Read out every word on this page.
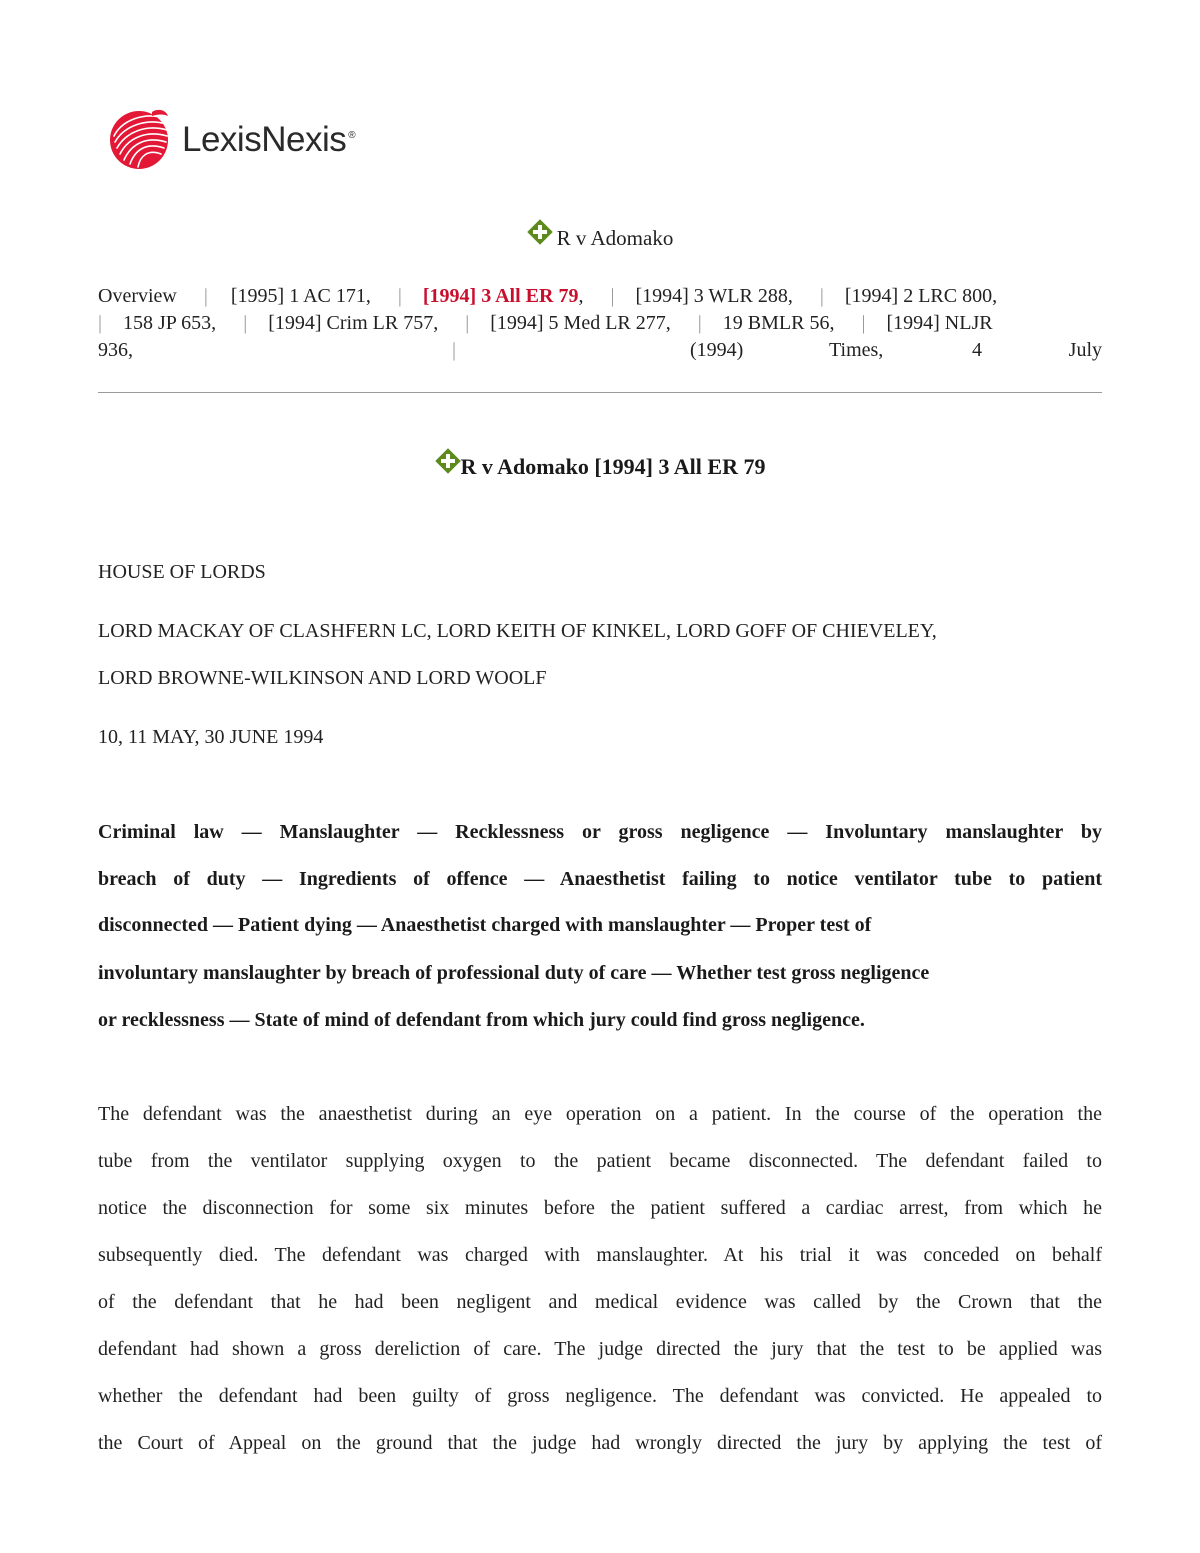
LexisNexis ®
R v Adomako
Overview | [1995] 1 AC 171, | [1994] 3 All ER 79, | [1994] 3 WLR 288, | [1994] 2 LRC 800,
| 158 JP 653, | [1994] Crim LR 757, | [1994] 5 Med LR 277, | 19 BMLR 56, | [1994] NLJR
936,	|	(1994)	Times,	4	July
R v Adomako [1994] 3 All ER 79
HOUSE OF LORDS
LORD MACKAY OF CLASHFERN LC, LORD KEITH OF KINKEL, LORD GOFF OF CHIEVELEY,
LORD BROWNE-WILKINSON AND LORD WOOLF
10, 11 MAY, 30 JUNE 1994
Criminal law — Manslaughter — Recklessness or gross negligence — Involuntary manslaughter by
breach of duty — Ingredients of offence — Anaesthetist failing to notice ventilator tube to patient
disconnected — Patient dying — Anaesthetist charged with manslaughter — Proper test of
involuntary manslaughter by breach of professional duty of care — Whether test gross negligence
or recklessness — State of mind of defendant from which jury could find gross negligence.
The defendant was the anaesthetist during an eye operation on a patient. In the course of the operation the
tube from the ventilator supplying oxygen to the patient became disconnected. The defendant failed to
notice the disconnection for some six minutes before the patient suffered a cardiac arrest, from which he
subsequently died. The defendant was charged with manslaughter. At his trial it was conceded on behalf
of the defendant that he had been negligent and medical evidence was called by the Crown that the
defendant had shown a gross dereliction of care. The judge directed the jury that the test to be applied was
whether the defendant had been guilty of gross negligence. The defendant was convicted. He appealed to
the Court of Appeal on the ground that the judge had wrongly directed the jury by applying the test of
